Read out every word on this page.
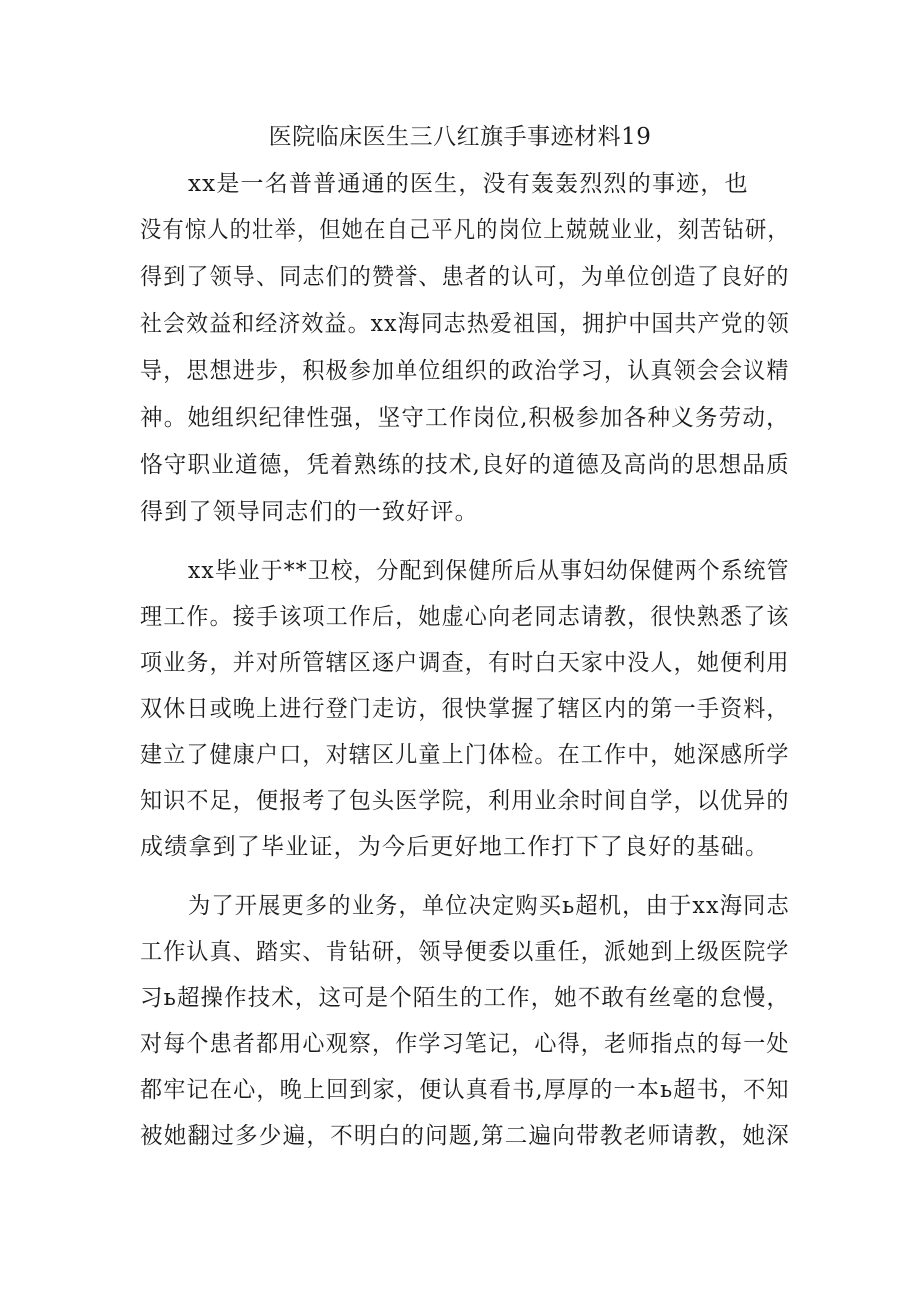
医院临床医生三八红旗手事迹材料19
xx是一名普普通通的医生，没有轰轰烈烈的事迹，也
没有惊人的壮举，但她在自己平凡的岗位上兢兢业业，刻苦钻研，
得到了领导、同志们的赞誉、患者的认可，为单位创造了良好的
社会效益和经济效益。xx海同志热爱祖国，拥护中国共产党的领
导，思想进步，积极参加单位组织的政治学习，认真领会会议精
神。她组织纪律性强，坚守工作岗位,积极参加各种义务劳动，
恪守职业道德，凭着熟练的技术,良好的道德及高尚的思想品质
得到了领导同志们的一致好评。
xx毕业于**卫校，分配到保健所后从事妇幼保健两个系统管
理工作。接手该项工作后，她虚心向老同志请教，很快熟悉了该
项业务，并对所管辖区逐户调查，有时白天家中没人，她便利用
双休日或晚上进行登门走访，很快掌握了辖区内的第一手资料，
建立了健康户口，对辖区儿童上门体检。在工作中，她深感所学
知识不足，便报考了包头医学院，利用业余时间自学，以优异的
成绩拿到了毕业证，为今后更好地工作打下了良好的基础。
为了开展更多的业务，单位决定购买ь超机，由于xx海同志
工作认真、踏实、肯钻研，领导便委以重任，派她到上级医院学
习ь超操作技术，这可是个陌生的工作，她不敢有丝毫的怠慢，
对每个患者都用心观察，作学习笔记，心得，老师指点的每一处
都牢记在心，晚上回到家，便认真看书,厚厚的一本ь超书，不知
被她翻过多少遍，不明白的问题,第二遍向带教老师请教，她深
